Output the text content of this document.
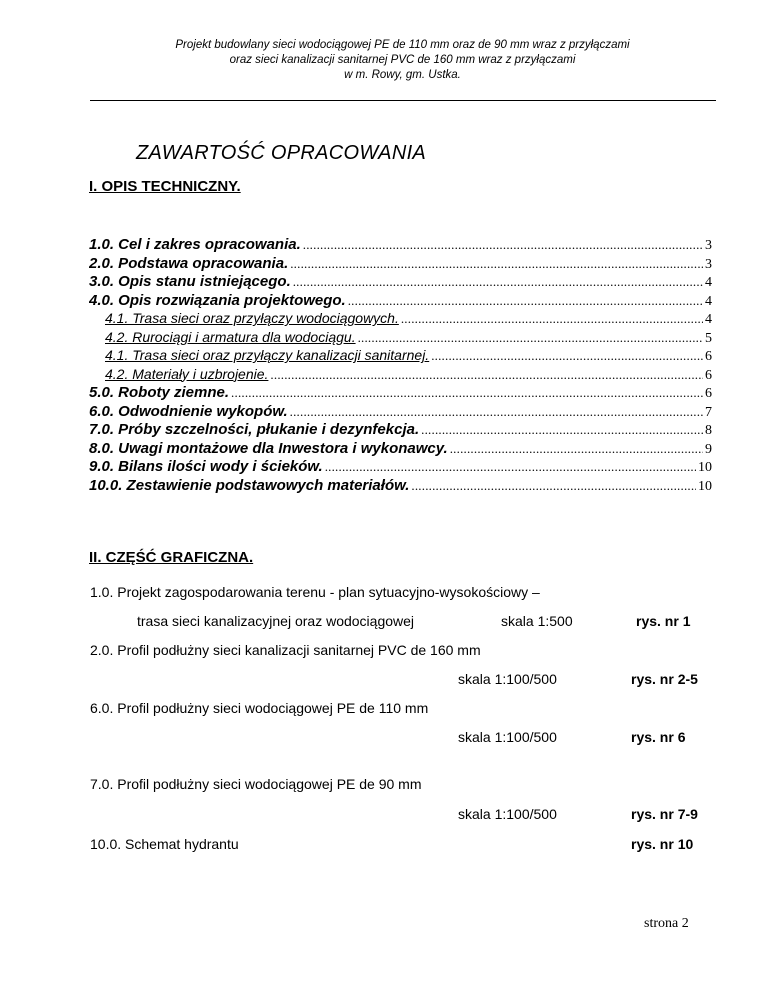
Projekt budowlany sieci wodociągowej PE de 110 mm oraz de 90 mm wraz z przyłączami
oraz sieci kanalizacji sanitarnej PVC de 160 mm wraz z przyłączami
w m. Rowy, gm. Ustka.
ZAWARTOŚĆ OPRACOWANIA
I. OPIS TECHNICZNY.
1.0. Cel i zakres opracowania. .....	3
2.0. Podstawa opracowania. .....	3
3.0. Opis stanu istniejącego. .....	4
4.0. Opis rozwiązania projektowego. .....	4
4.1. Trasa sieci oraz przyłączy wodociągowych. .....	4
4.2. Rurociągi i armatura dla wodociągu. .....	5
4.1. Trasa sieci oraz przyłączy kanalizacji sanitarnej. .....	6
4.2. Materiały i uzbrojenie. .....	6
5.0. Roboty ziemne. .....	6
6.0. Odwodnienie wykopów. .....	7
7.0. Próby szczelności, płukanie i dezynfekcja. .....	8
8.0. Uwagi montażowe dla Inwestora i wykonawcy. .....	9
9.0. Bilans ilości wody i ścieków. .....	10
10.0. Zestawienie podstawowych materiałów. .....	10
II. CZĘŚĆ GRAFICZNA.
1.0. Projekt zagospodarowania terenu - plan sytuacyjno-wysokościowy –
trasa sieci kanalizacyjnej oraz wodociągowej	skala 1:500	rys. nr 1
2.0. Profil podłużny sieci kanalizacji sanitarnej PVC de 160 mm
skala 1:100/500	rys. nr 2-5
6.0. Profil podłużny sieci wodociągowej PE de 110 mm
skala 1:100/500	rys. nr 6
7.0. Profil podłużny sieci wodociągowej PE de 90 mm
skala 1:100/500	rys. nr 7-9
10.0. Schemat hydrantu	rys. nr 10
strona 2
